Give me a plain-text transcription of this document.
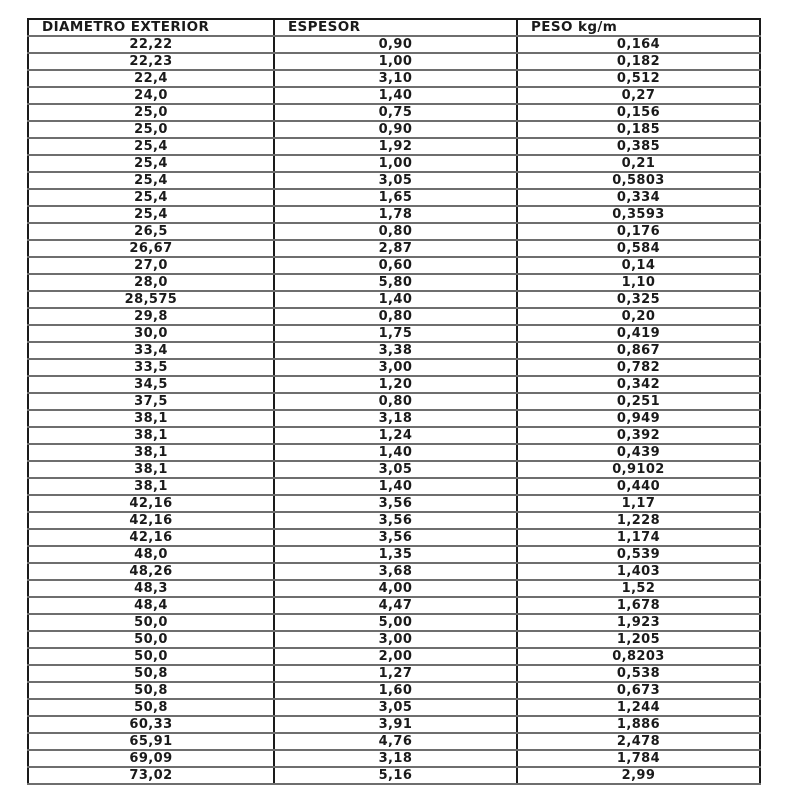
DIAMETRO EXTERIOR	ESPESOR	PESO kg/m
22,22	0,90	0,164
22,23	1,00	0,182
22,4	3,10	0,512
24,0	1,40	0,27
25,0	0,75	0,156
25,0	0,90	0,185
25,4	1,92	0,385
25,4	1,00	0,21
25,4	3,05	0,5803
25,4	1,65	0,334
25,4	1,78	0,3593
26,5	0,80	0,176
26,67	2,87	0,584
27,0	0,60	0,14
28,0	5,80	1,10
28,575	1,40	0,325
29,8	0,80	0,20
30,0	1,75	0,419
33,4	3,38	0,867
33,5	3,00	0,782
34,5	1,20	0,342
37,5	0,80	0,251
38,1	3,18	0,949
38,1	1,24	0,392
38,1	1,40	0,439
38,1	3,05	0,9102
38,1	1,40	0,440
42,16	3,56	1,17
42,16	3,56	1,228
42,16	3,56	1,174
48,0	1,35	0,539
48,26	3,68	1,403
48,3	4,00	1,52
48,4	4,47	1,678
50,0	5,00	1,923
50,0	3,00	1,205
50,0	2,00	0,8203
50,8	1,27	0,538
50,8	1,60	0,673
50,8	3,05	1,244
60,33	3,91	1,886
65,91	4,76	2,478
69,09	3,18	1,784
73,02	5,16	2,99
